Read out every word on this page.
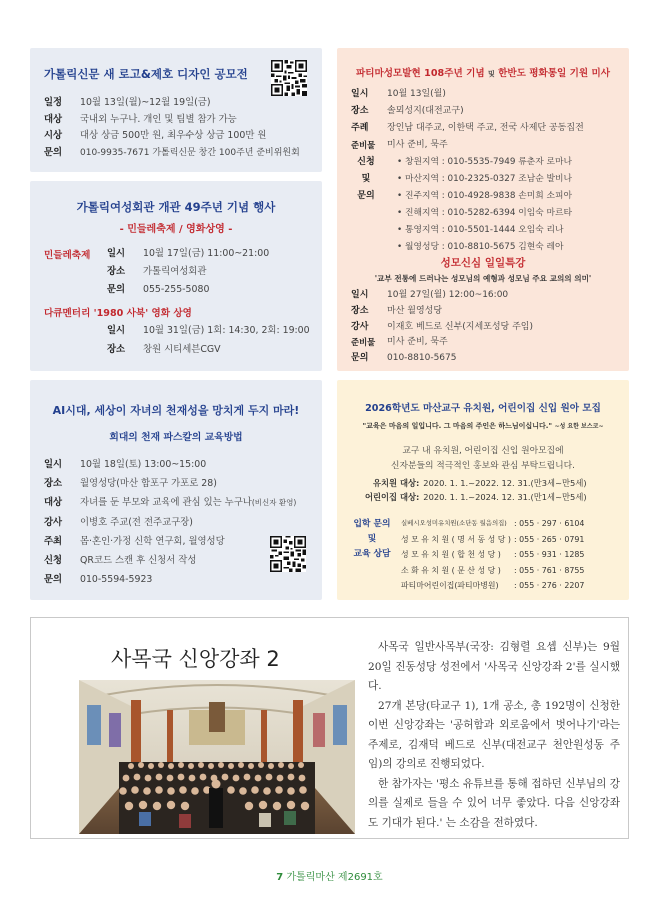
가톨릭신문 새 로고&제호 디자인 공모전
일정	10월 13일(월)~12월 19일(금)
대상	국내외 누구나. 개인 및 팀별 참가 가능
시상	대상 상금 500만 원, 최우수상 상금 100만 원
문의	010-9935-7671 가톨릭신문 창간 100주년 준비위원회
가톨릭여성회관 개관 49주년 기념 행사
- 민들레축제 / 영화상영 -
민들레축제 일시	10월 17일(금) 11:00~21:00
장소	가톨릭여성회관
문의	055-255-5080
다큐멘터리 '1980 사북' 영화 상영
일시	10월 31일(금) 1회: 14:30, 2회: 19:00
장소	창원 시티세븐CGV
AI시대, 세상이 자녀의 천재성을 망치게 두지 마라!
희대의 천재 파스칼의 교육방법
일시	10월 18일(토) 13:00~15:00
장소	월영성당(마산 합포구 가포로 28)
대상	자녀를 둔 부모와 교육에 관심 있는 누구나(비신자 환영)
강사	이병호 주교(전 전주교구장)
주최	몸·혼인·가정 신학 연구회, 월영성당
신청	QR코드 스캔 후 신청서 작성
문의	010-5594-5923
파티마성모발현 108주년 기념 및 한반도 평화통일 기원 미사
일시	10월 13일(월)
장소	솔뫼성지(대전교구)
주례	장인남 대주교, 이한택 주교, 전국 사제단 공동집전
준비물	미사 준비, 묵주
신청
및
문의
• 창원지역 : 010-5535-7949 류춘자 로마나
• 마산지역 : 010-2325-0327 조남순 발비나
• 진주지역 : 010-4928-9838 손미희 소피아
• 진해지역 : 010-5282-6394 이임숙 마르타
• 통영지역 : 010-5501-1444 오임숙 리나
• 월영성당 : 010-8810-5675 김현숙 레아
성모신심 일일특강
'교부 전통에 드러나는 성모님의 예형과 성모님 주요 교의의 의미'
일시	10월 27일(월) 12:00~16:00
장소	마산 월영성당
강사	이재호 베드로 신부(지세포성당 주임)
준비물	미사 준비, 묵주
문의	010-8810-5675
2026학년도 마산교구 유치원, 어린이집 신입 원아 모집
"교육은 마음의 일입니다. 그 마음의 주인은 하느님이십니다." ~성 요한 보스코~
교구 내 유치원, 어린이집 신입 원아모집에
신자분들의 적극적인 홍보와 관심 부탁드립니다.
유치원 대상:	2020. 1. 1.~2022. 12. 31.(만3세~만5세)
어린이집 대상:	2020. 1. 1.~2024. 12. 31.(만1세~만5세)
입학 문의
및
교육 상담
실베시오성미유치원(소단동 월음의집)	: 055 · 297 · 6104
성 모 유 치 원 ( 명 서 동 성 당 )	: 055 · 265 · 0791
성 모 유 치 원 ( 합 천 성 당 )	: 055 · 931 · 1285
소 화 유 치 원 ( 문 산 성 당 )	: 055 · 761 · 8755
파티마어린이집(파티마병원)	: 055 · 276 · 2207
사목국 신앙강좌 2	사목국 일반사목부(국장: 김형렬 요셉 신부)는 9월 20일 진동성당 성전에서 '사목국 신앙강좌 2'를 실시했다.

27개 본당(타교구 1), 1개 공소, 총 192명이 신청한 이번 신앙강좌는 '공허함과 외로움에서 벗어나기'라는 주제로, 김재덕 베드로 신부(대전교구 천안원성동 주임)의 강의로 진행되었다.

한 참가자는 '평소 유튜브를 통해 접하던 신부님의 강의를 실제로 들을 수 있어 너무 좋았다. 다음 신앙강좌도 기대가 된다.' 는 소감을 전하였다.

7 가톨릭마산 제2691호
